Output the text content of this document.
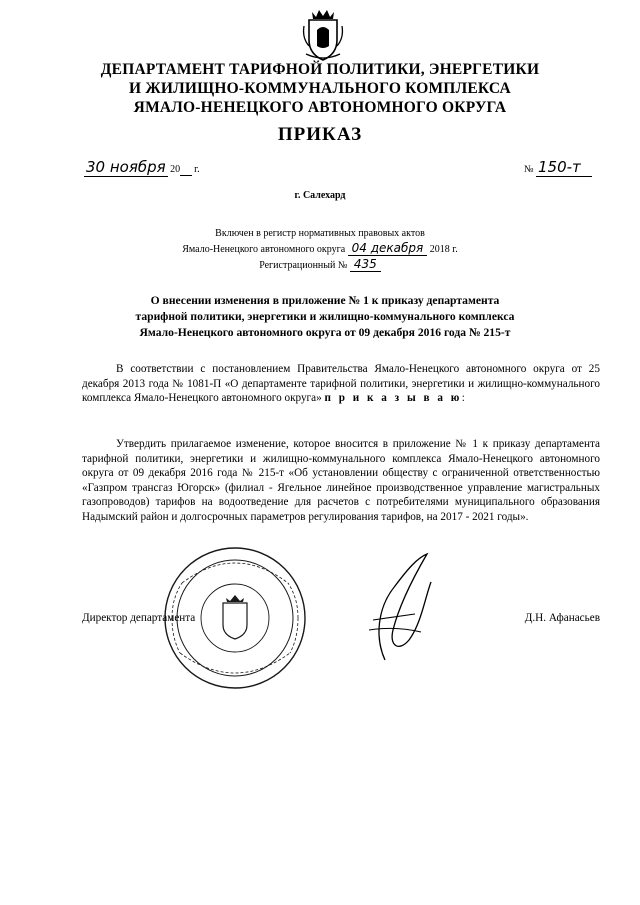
ДЕПАРТАМЕНТ ТАРИФНОЙ ПОЛИТИКИ, ЭНЕРГЕТИКИ
И ЖИЛИЩНО-КОММУНАЛЬНОГО КОМПЛЕКСА
ЯМАЛО-НЕНЕЦКОГО АВТОНОМНОГО ОКРУГА
ПРИКАЗ
30 ноября 20 г.	№ 150-т
г. Салехард
Включен в регистр нормативных правовых актов
Ямало-Ненецкого автономного округа 04 декабря 2018 г.
Регистрационный № 435
О внесении изменения в приложение № 1 к приказу департамента
тарифной политики, энергетики и жилищно-коммунального комплекса
Ямало-Ненецкого автономного округа от 09 декабря 2016 года № 215-т
В соответствии с постановлением Правительства Ямало-Ненецкого автономного округа от 25 декабря 2013 года № 1081-П «О департаменте тарифной политики, энергетики и жилищно-коммунального комплекса Ямало-Ненецкого автономного округа» п р и к а з ы в а ю:
Утвердить прилагаемое изменение, которое вносится в приложение № 1 к приказу департамента тарифной политики, энергетики и жилищно-коммунального комплекса Ямало-Ненецкого автономного округа от 09 декабря 2016 года № 215-т «Об установлении обществу с ограниченной ответственностью «Газпром трансгаз Югорск» (филиал - Ягельное линейное производственное управление магистральных газопроводов) тарифов на водоотведение для расчетов с потребителями муниципального образования Надымский район и долгосрочных параметров регулирования тарифов, на 2017 - 2021 годы».
Директор департамента	Д.Н. Афанасьев
